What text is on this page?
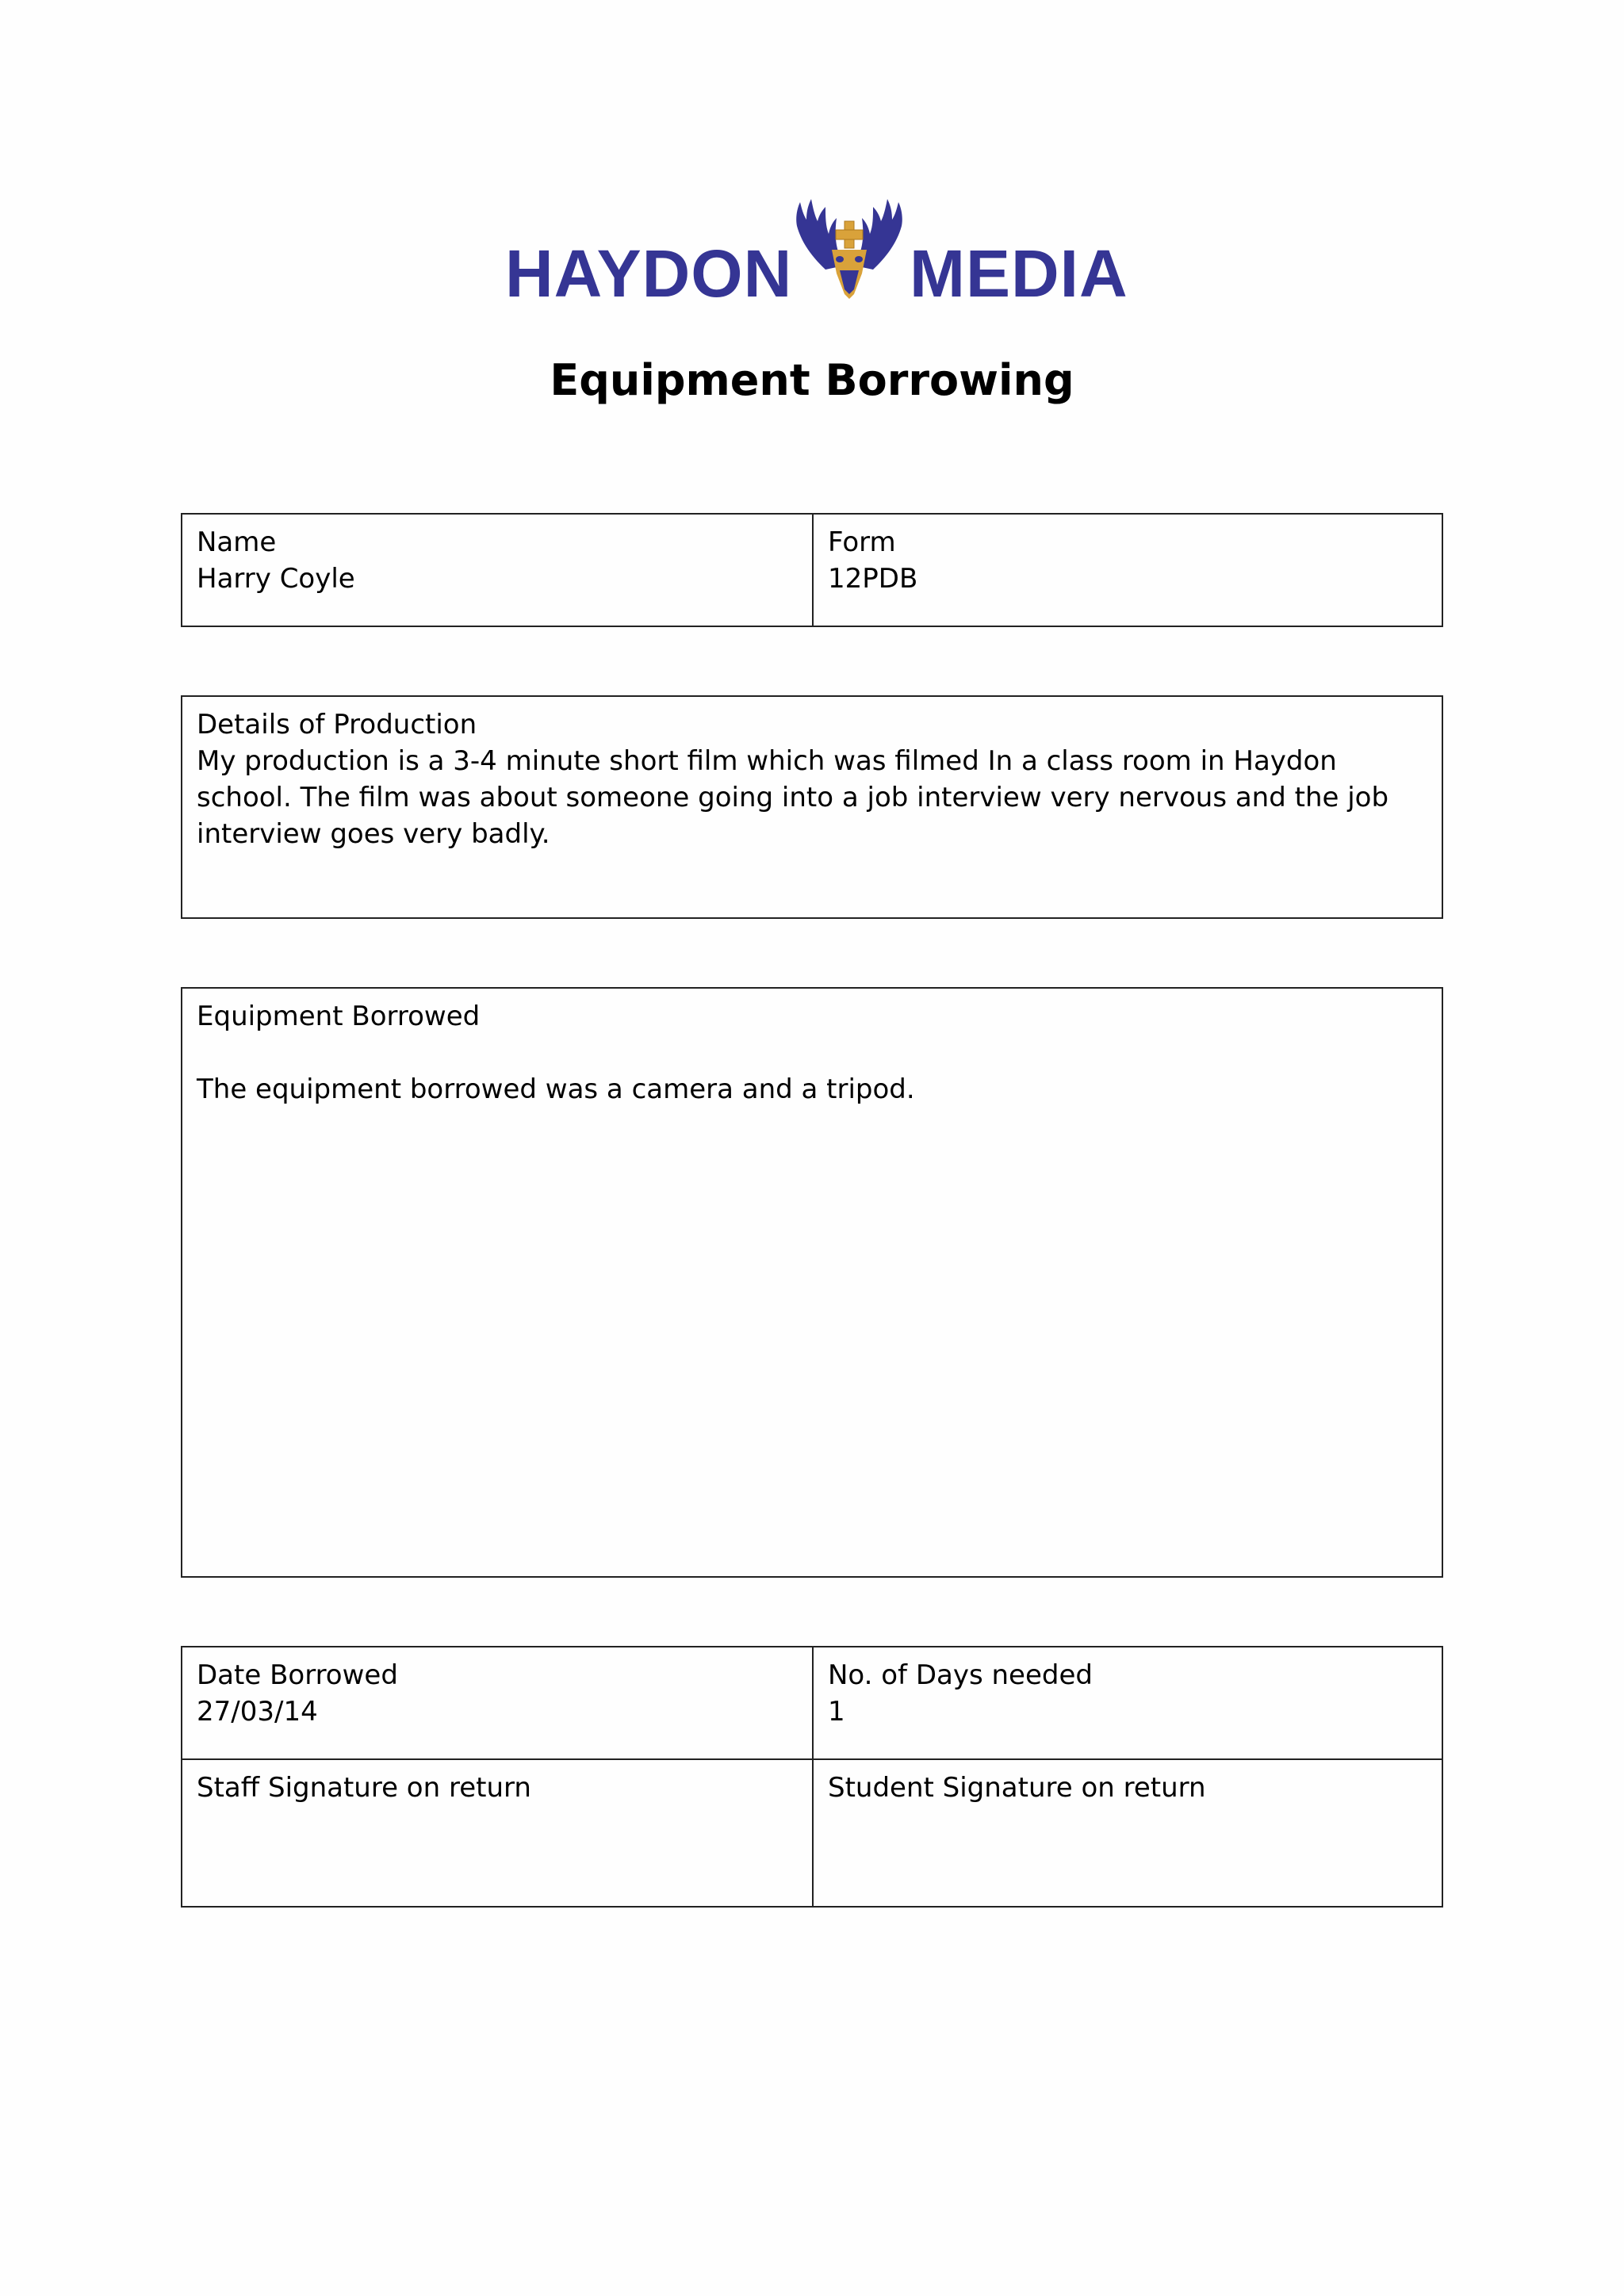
HAYDON MEDIA
Equipment Borrowing
Name
Harry Coyle
Form
12PDB
Details of Production
My production is a 3-4 minute short film which was filmed In a class room in Haydon school. The film was about someone going into a job interview very nervous and the job interview goes very badly.
Equipment Borrowed
The equipment borrowed was a camera and a tripod.
Date Borrowed
27/03/14
No. of Days needed
1
Staff Signature on return	Student Signature on return
